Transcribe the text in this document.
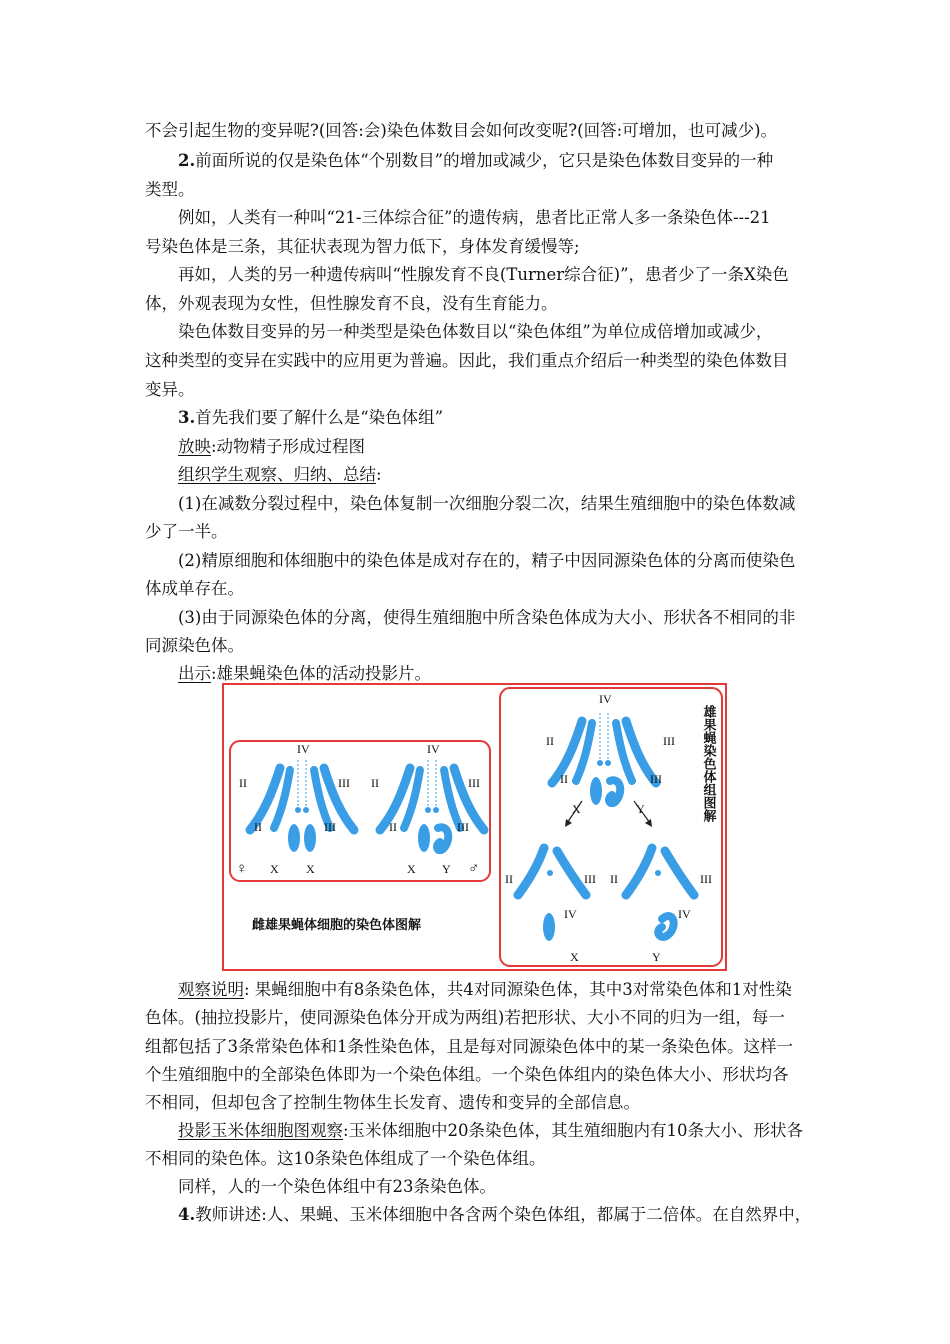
不会引起生物的变异呢?(回答:会)染色体数目会如何改变呢?(回答:可增加，也可减少)。
2.前面所说的仅是染色体“个别数目”的增加或减少，它只是染色体数目变异的一种
类型。
例如，人类有一种叫“21-三体综合征”的遗传病，患者比正常人多一条染色体---21
号染色体是三条，其征状表现为智力低下，身体发育缓慢等;
再如，人类的另一种遗传病叫“性腺发育不良(Turner综合征)”，患者少了一条X染色
体，外观表现为女性，但性腺发育不良，没有生育能力。
染色体数目变异的另一种类型是染色体数目以“染色体组”为单位成倍增加或减少，
这种类型的变异在实践中的应用更为普遍。因此，我们重点介绍后一种类型的染色体数目
变异。
3.首先我们要了解什么是“染色体组”
放映:动物精子形成过程图
组织学生观察、归纳、总结:
(1)在减数分裂过程中，染色体复制一次细胞分裂二次，结果生殖细胞中的染色体数减
少了一半。
(2)精原细胞和体细胞中的染色体是成对存在的，精子中因同源染色体的分离而使染色
体成单存在。
(3)由于同源染色体的分离，使得生殖细胞中所含染色体成为大小、形状各不相同的非
同源染色体。
出示:雄果蝇染色体的活动投影片。
IV
II	III
II	III
♀ X X
IV
II	III
II	III
X Y ♂
雌雄果蝇体细胞的染色体图解
IV
II	III
II	III
X	Y
II	III
IV
X
II	III
IV
Y
雄果蝇染色体组图解
观察说明: 果蝇细胞中有8条染色体，共4对同源染色体，其中3对常染色体和1对性染
色体。(抽拉投影片，使同源染色体分开成为两组)若把形状、大小不同的归为一组，每一
组都包括了3条常染色体和1条性染色体，且是每对同源染色体中的某一条染色体。这样一
个生殖细胞中的全部染色体即为一个染色体组。一个染色体组内的染色体大小、形状均各
不相同，但却包含了控制生物体生长发育、遗传和变异的全部信息。
投影玉米体细胞图观察:玉米体细胞中20条染色体，其生殖细胞内有10条大小、形状各
不相同的染色体。这10条染色体组成了一个染色体组。
同样，人的一个染色体组中有23条染色体。
4.教师讲述:人、果蝇、玉米体细胞中各含两个染色体组，都属于二倍体。在自然界中，
